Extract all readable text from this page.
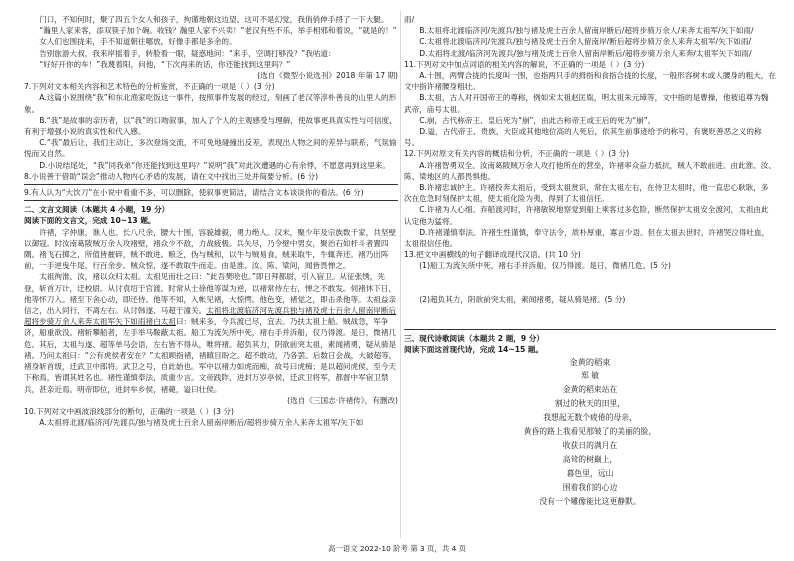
门口，不知何时，聚了四五个女人和孩子，拘谨地朝这边望。这可不是幻觉，我俏俏伸手捋了一下大腿。

“瀚里人家来客，添双筷子加个碗。收钱？瀚里人家不兴卖！”老汉有些不乐，举手相邪和着说，“就是的！”

女人们也围拢来，手不知道朝往哪放，好像手都是多余的。

告别旅游大叔，我来岸摇着手，转脸看一眼，疑惑地问：“来手，空调打够没？”我咕道：

“好好开你的车！”我蔑着阳，问他，“下次再来的话，你还能找到这里吗？”

(选自《微型小说选刊》2018 年第 17 期)

7.下列对文本相关内容和艺术特色的分析鉴赏，不正确的一项是（ ）(3 分)

A.这篇小说围绕“我”和东北渔家吃饭这一事件，按照事件发展的经过，刻画了老汉等淳朴善良的山里人的形象。

B.“我”是故事的亲历者，以“我”的口吻叙事，加入了个人的主观感受与理解，使故事更具真实性与可信度，有利于增强小说的真实性和代入感。

C.“我”最后让，我们主动让，多次登场交流，不可免地碰撞出反差，表现出人物之间的差异与联系，气氛愉悦而又自然。

D.小说结尾处，“我”同我弟“你还能找到这里吗？”说明“我”对此次遭遇的心有余悸，不愿意再到这里来。

8.小说善于借助“误会”推动人物内心矛盾的发展，请在文中找出三处并简要分析。(6 分)

9.有人认为“大饮刀”在小说中看重不多，可以删除，使叙事更简洁，请结合文本谈谈你的看法。(6 分)

二、文言文阅读（本题共 4 小题，19 分）

阅读下面的文言文，完成 10~13 题。

许褚，字仲康，谯人也。长八尺余，腰大十围，容貌雄毅，勇力绝人。汉末，聚少年及宗族数千家，共坚壁以御寇。时汝南葛陂贼万余人攻褚壁，褚众少不敌，力战疲极。兵矢尽，乃令壁中男女，聚治石如杆斗者置四隅。褚飞石掷之，所值皆摧碎，贼不敢进。粮乏，伪与贼和，以牛与贼易食，贼来取牛，牛辄奔还。褚乃出阵前，一手逆曳牛尾，行百余步。贼众惊，遂不敢取牛而走。由是淮、汝、陈、梁间，闻皆畏惮之。

太祖徇淮、汝，褚以众归太祖。太祖见而壮之曰：“此吾樊哙也。”即日拜都尉，引入宿卫。从征张绣，先登，斩首万计，迁校尉。从讨袁绍于官渡。时常从士徐他等谋为逆，以褚常侍左右，惮之不敢发。伺褚休下日，他等怀刀入。褚至下舍心动，即还侍。他等不知，入帐见褚，大惊愕。他色变，褚觉之，即击杀他等。太祖益亲信之，出入同行，不离左右。从讨韩遂、马超于潼关。太祖将北渡临济河先渡兵独与褚及虎士百余人留南岸断后超将步骑万余人来奔太祖军矢下如雨褚白太祖曰：贼来多，今兵渡已尽，宜去。乃扶太祖上船。贼战急，军争济，船重欲没。褚斩攀船者，左手举马鞍蔽太祖。船工为流矢所中死，褚右手并泝船，仅乃得渡。是日，微褚几危。其后，太祖与遂、超等单马会语，左右皆不得从，唯将褚。超负其力，阴欲前突太祖，素闻褚勇，疑从骑是褚。乃问太祖曰：“公有虎侯者安在？”太祖顾指褚，褚瞋目盼之。超不敢动，乃各罢。后数日会战，大破超等，褚身斩首级，迁武卫中郎将。武卫之号，自此始也。军中以褚力如虎而痴，故号曰虎痴；是以超问虎侯，至今天下称焉，皆谓其姓名也。褚性谨慎奉法，质重少言。文帝践阼，进封万岁亭侯，迁武卫将军，都督中军宿卫禁兵，甚亲近焉。明帝即位，进封牟乡侯，褚薨，谥曰壮侯。

(选自《三国志·许褚传》，有删改)

10.下列对文中画波浪线部分的断句，正确的一项是（ ）(3 分)

A.太祖将北渡/临济河/先渡兵/独与褚及虎士百余人留南岸断后/超将步骑万余人来奔太祖军/矢下如

雨/

B.太祖将北渡临济河/先渡兵/独与褚及虎士百余人留南岸断后/超将步骑万余人/来奔太祖军/矢下如雨/

C.太祖将北渡临济河/先渡兵/独与褚及虎士百余人留南岸/断后超将步骑万余人来奔太祖军/矢下如雨/

D.太祖将北渡/临济河先渡兵/独与褚及虎士百余人留南岸断后/超将步骑万余人来奔/太祖军矢下如雨/

11.下列对文中加点词语的相关内容的解说，不正确的一项是（ ）(3 分)

A.十围，两臂合拢的长度叫一围，也指两只手的拇指和食指合拢的长度，一般形容树木或人腰身的粗大，在文中指许褚腰身粗壮。

B.太祖，古人对开国帝王的尊称，例如宋太祖赵匡胤，明太祖朱元璋等，文中指的是曹操，他被追尊为魏武帝，庙号太祖。

C.崩，古代称帝王、皇后死为“崩”，由此古称帝王或王后的死为“崩”。

D.谥，古代帝王、贵族、大臣或其他地位高的人死后，依其生前事迹给予的称号，有褒贬善恶之义的称号。

12.下列对原文有关内容的概括和分析，不正确的一项是（ ）(3 分)

A.许褚智勇双全。汝南葛陂贼万余人攻打他所在的营垒，许褚率众奋力抵抗，贼人不敢前进。由此淮、汝、陈、梁地区的人都畏惧他。

B.许褚忠诚护主。许褚投奔太祖后，受到太祖赏识，常在太祖左右，在侍卫太祖时，他一直忠心耿耿，多次在危急时刻保护太祖，使太祖化险为夷，得到了太祖信任。

C.许褚为人心细。弃船渡河时，许褚敏锐地察觉到船上乘客过多危险，断然保护太祖安全渡河，太祖由此认定他为猛将。

D.许褚谨慎奉法。许褚生性谨慎，奉守法令，质朴厚重，寡言少语。但在太祖去世时，许褚哭泣得吐血，太祖很信任他。

13.把文中画横线的句子翻译成现代汉语。(共 10 分)

(1)船工为流矢所中死，褚右手并泝船，仅乃得渡。是日，微褚几危。(5 分)

(2)超负其力，阴欲前突太祖，素闻褚勇，疑从骑是褚。(5 分)

三、现代诗歌阅读（本题共 2 题，9 分）

阅读下面这首现代诗，完成 14~15 题。

金黄的稻束

郑 敏

金黄的稻束站在

割过的秋天的田里，

我想起无数个疲倦的母亲，

黄昏的路上我看见那皱了的美丽的脸，

收获日的满月在

高耸的树巅上，

暮色里，远山

围着我们的心边

没有一个雕像能比这更静默。

高一语文 2022-10 阶考 第 3 页，共 4 页
